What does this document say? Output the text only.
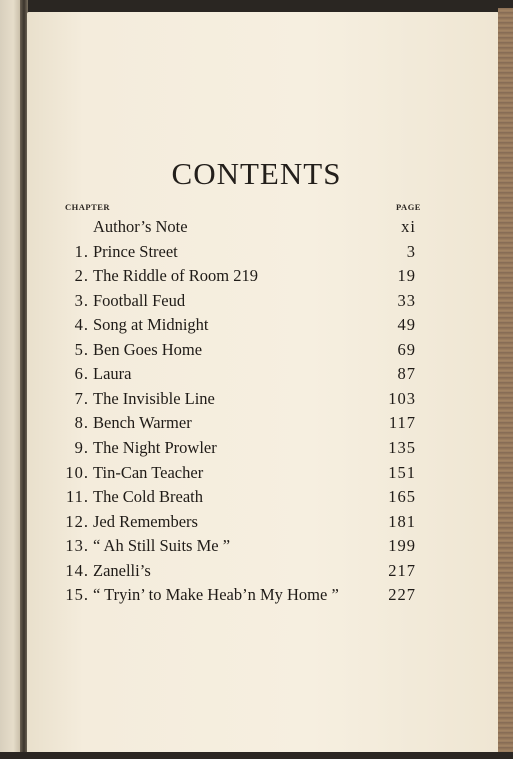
CONTENTS
CHAPTER	PAGE
Author’s Note	xi
1. Prince Street	3
2. The Riddle of Room 219	19
3. Football Feud	33
4. Song at Midnight	49
5. Ben Goes Home	69
6. Laura	87
7. The Invisible Line	103
8. Bench Warmer	117
9. The Night Prowler	135
10. Tin-Can Teacher	151
11. The Cold Breath	165
12. Jed Remembers	181
13. “ Ah Still Suits Me ”	199
14. Zanelli’s	217
15. “ Tryin’ to Make Heab’n My Home ”	227
